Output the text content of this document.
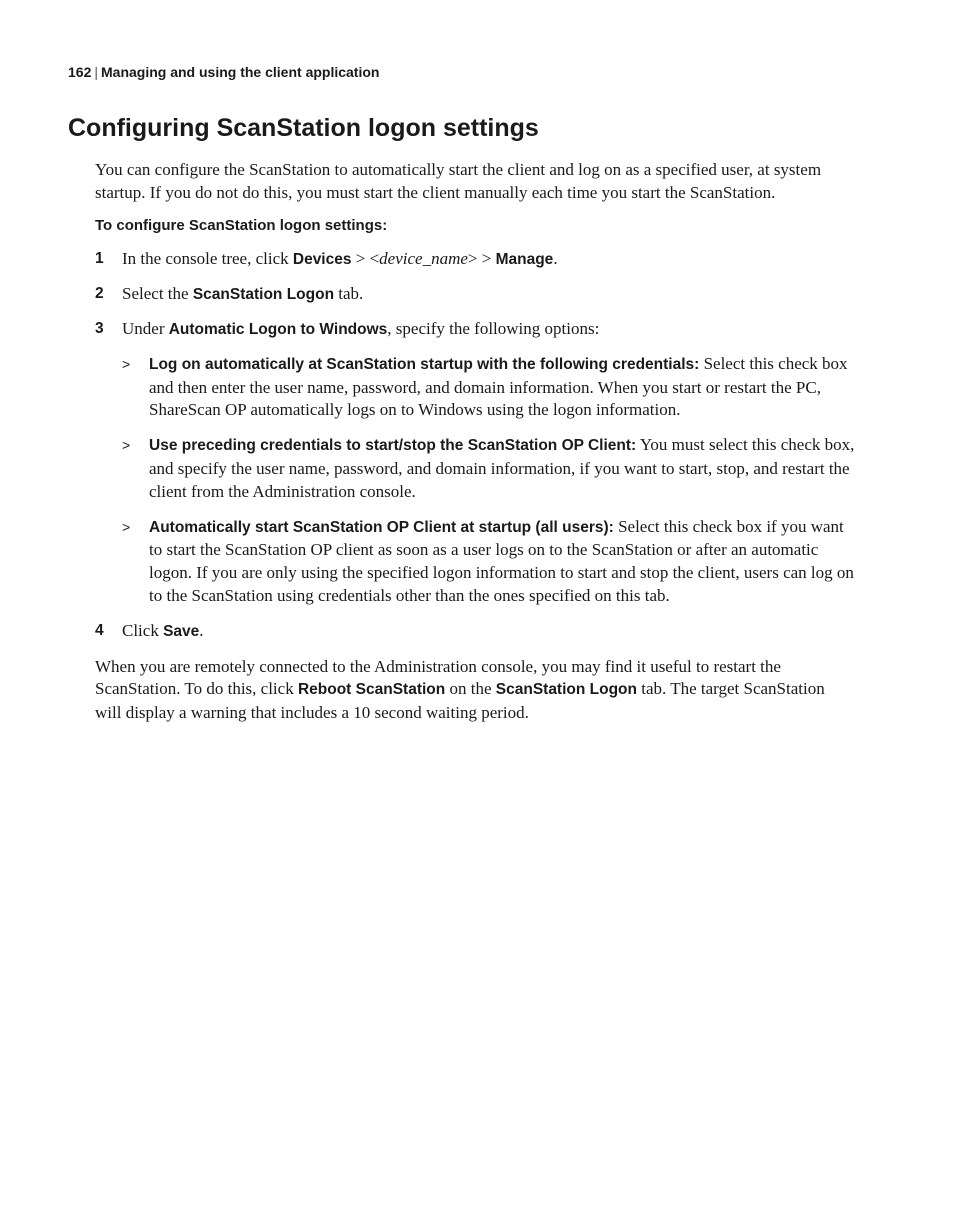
162 | Managing and using the client application
Configuring ScanStation logon settings

You can configure the ScanStation to automatically start the client and log on as a specified user, at system startup. If you do not do this, you must start the client manually each time you start the ScanStation.

To configure ScanStation logon settings:
1 In the console tree, click Devices > <device_name> > Manage.
2 Select the ScanStation Logon tab.
3 Under Automatic Logon to Windows, specify the following options:
> Log on automatically at ScanStation startup with the following credentials: Select this check box and then enter the user name, password, and domain information. When you start or restart the PC, ShareScan OP automatically logs on to Windows using the logon information.
> Use preceding credentials to start/stop the ScanStation OP Client: You must select this check box, and specify the user name, password, and domain information, if you want to start, stop, and restart the client from the Administration console.
> Automatically start ScanStation OP Client at startup (all users): Select this check box if you want to start the ScanStation OP client as soon as a user logs on to the ScanStation or after an automatic logon. If you are only using the specified logon information to start and stop the client, users can log on to the ScanStation using credentials other than the ones specified on this tab.
4 Click Save.

When you are remotely connected to the Administration console, you may find it useful to restart the ScanStation. To do this, click Reboot ScanStation on the ScanStation Logon tab. The target ScanStation will display a warning that includes a 10 second waiting period.
